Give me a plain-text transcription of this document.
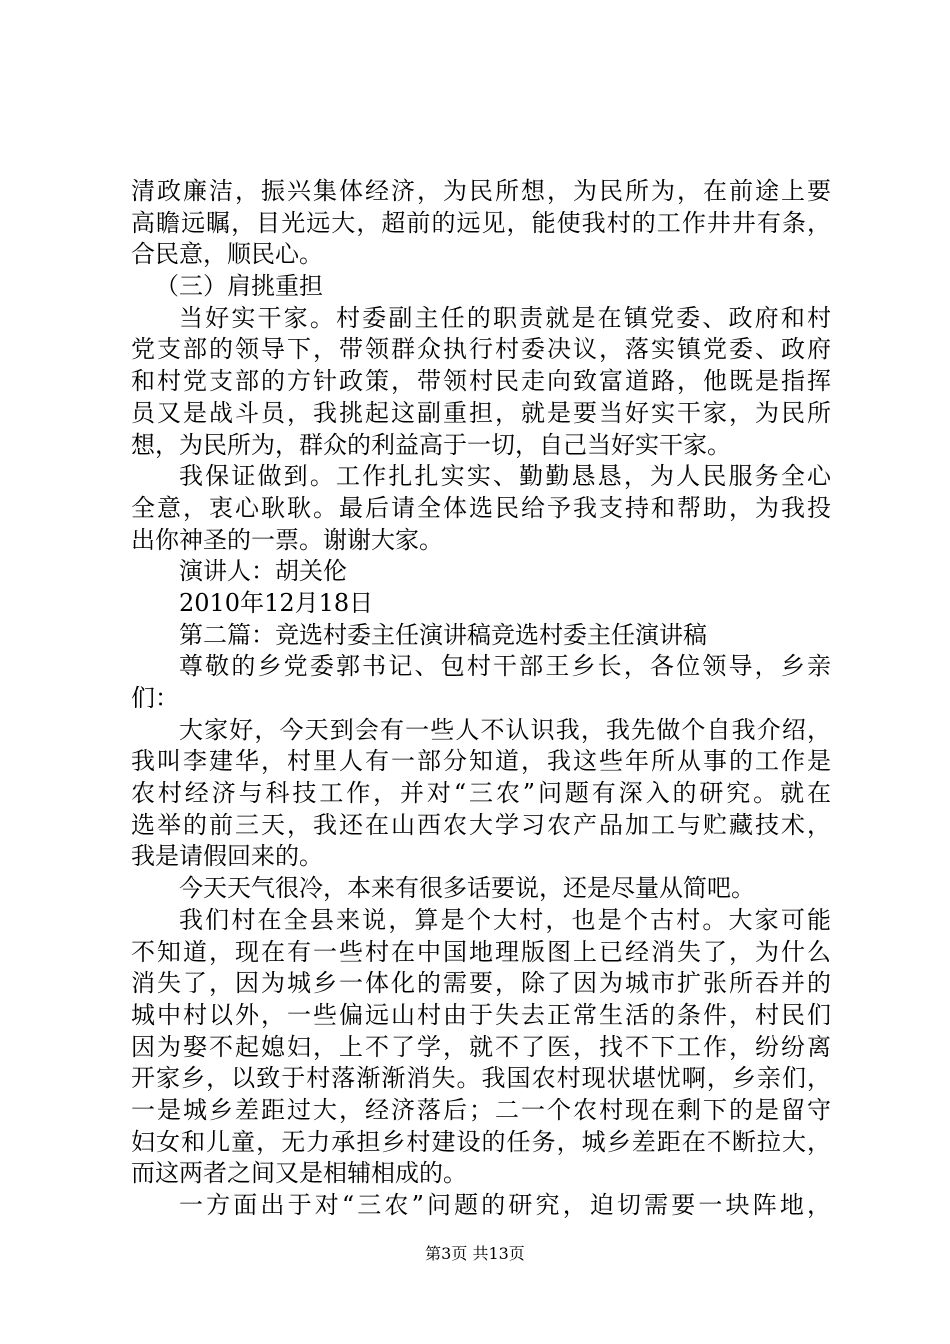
清政廉洁，振兴集体经济，为民所想，为民所为，在前途上要
高瞻远瞩，目光远大，超前的远见，能使我村的工作井井有条，
合民意，顺民心。
（三）肩挑重担
当好实干家。村委副主任的职责就是在镇党委、政府和村
党支部的领导下，带领群众执行村委决议，落实镇党委、政府
和村党支部的方针政策，带领村民走向致富道路，他既是指挥
员又是战斗员，我挑起这副重担，就是要当好实干家，为民所
想，为民所为，群众的利益高于一切，自己当好实干家。
我保证做到。工作扎扎实实、勤勤恳恳，为人民服务全心
全意，衷心耿耿。最后请全体选民给予我支持和帮助，为我投
出你神圣的一票。谢谢大家。
演讲人：胡关伦
2010年12月18日
第二篇：竞选村委主任演讲稿竞选村委主任演讲稿
尊敬的乡党委郭书记、包村干部王乡长，各位领导，乡亲
们：
大家好，今天到会有一些人不认识我，我先做个自我介绍，
我叫李建华，村里人有一部分知道，我这些年所从事的工作是
农村经济与科技工作，并对“三农”问题有深入的研究。就在
选举的前三天，我还在山西农大学习农产品加工与贮藏技术，
我是请假回来的。
今天天气很冷，本来有很多话要说，还是尽量从简吧。
我们村在全县来说，算是个大村，也是个古村。大家可能
不知道，现在有一些村在中国地理版图上已经消失了，为什么
消失了，因为城乡一体化的需要，除了因为城市扩张所吞并的
城中村以外，一些偏远山村由于失去正常生活的条件，村民们
因为娶不起媳妇，上不了学，就不了医，找不下工作，纷纷离
开家乡，以致于村落渐渐消失。我国农村现状堪忧啊，乡亲们，
一是城乡差距过大，经济落后；二一个农村现在剩下的是留守
妇女和儿童，无力承担乡村建设的任务，城乡差距在不断拉大，
而这两者之间又是相辅相成的。
一方面出于对“三农”问题的研究，迫切需要一块阵地，
第3页 共13页
